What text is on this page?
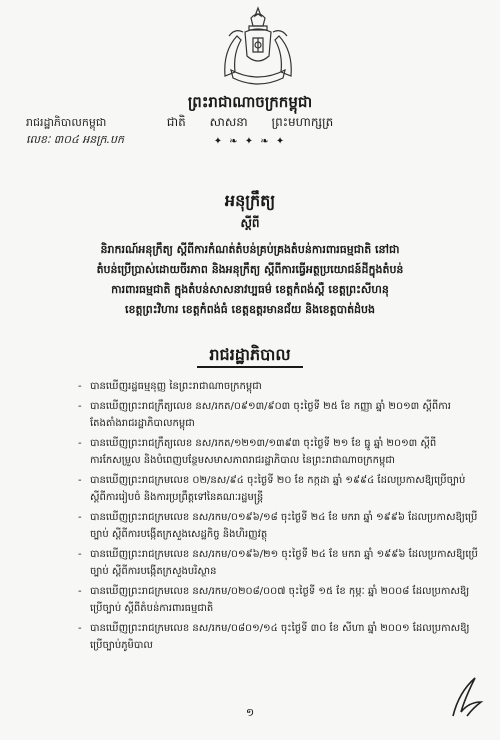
ព្រះរាជាណាចក្រកម្ពុជា
ជាតិ សាសនា ព្រះមហាក្សត្រ
✦ ❧ ✦ ❧ ✦
រាជរដ្ឋាភិបាលកម្ពុជា
លេខៈ ៣០៤ អនក្រ.បក
អនុក្រឹត្យ
ស្តីពី
និរាករណ៍អនុក្រឹត្យ ស្តីពីការកំណត់តំបន់គ្រប់គ្រងតំបន់ការពារធម្មជាតិ នៅជា
តំបន់ប្រើប្រាស់ដោយចីរភាព និងអនុក្រឹត្យ ស្តីពីការធ្វើអត្ថប្រយោជន៍ដីក្នុងតំបន់
ការពារធម្មជាតិ ក្នុងតំបន់សាសនាវប្បធម៌ ខេត្តកំពង់ស្ពឺ ខេត្តព្រះសីហនុ
ខេត្តព្រះវិហារ ខេត្តកំពង់ធំ ខេត្តឧត្តរមានជ័យ និងខេត្តបាត់ដំបង
រាជរដ្ឋាភិបាល
- បានឃើញរដ្ឋធម្មនុញ្ញ នៃព្រះរាជាណាចក្រកម្ពុជា
- បានឃើញព្រះរាជក្រឹត្យលេខ នស/រកត/០៩១៣/៩០៣ ចុះថ្ងៃទី ២៥ ខែ កញ្ញា ឆ្នាំ ២០១៣ ស្តីពីការតែងតាំងរាជរដ្ឋាភិបាលកម្ពុជា
- បានឃើញព្រះរាជក្រឹត្យលេខ នស/រកត/១២១៣/១៣៩៣ ចុះថ្ងៃទី ២១ ខែ ធ្នូ ឆ្នាំ ២០១៣ ស្តីពីការកែសម្រួល និងបំពេញបន្ថែមសមាសភាពរាជរដ្ឋាភិបាល នៃព្រះរាជាណាចក្រកម្ពុជា
- បានឃើញព្រះរាជក្រមលេខ ០២/នស/៩៤ ចុះថ្ងៃទី ២០ ខែ កក្កដា ឆ្នាំ ១៩៩៤ ដែលប្រកាសឱ្យប្រើច្បាប់ ស្តីពីការរៀបចំ និងការប្រព្រឹត្តទៅនៃគណៈរដ្ឋមន្ត្រី
- បានឃើញព្រះរាជក្រមលេខ នស/រកម/០១៩៦/១៨ ចុះថ្ងៃទី ២៤ ខែ មករា ឆ្នាំ ១៩៩៦ ដែលប្រកាសឱ្យប្រើច្បាប់ ស្តីពីការបង្កើតក្រសួងសេដ្ឋកិច្ច និងហិរញ្ញវត្ថុ
- បានឃើញព្រះរាជក្រមលេខ នស/រកម/០១៩៦/២១ ចុះថ្ងៃទី ២៤ ខែ មករា ឆ្នាំ ១៩៩៦ ដែលប្រកាសឱ្យប្រើច្បាប់ ស្តីពីការបង្កើតក្រសួងបរិស្ថាន
- បានឃើញព្រះរាជក្រមលេខ នស/រកម/០២០៨/០០៧ ចុះថ្ងៃទី ១៥ ខែ កុម្ភៈ ឆ្នាំ ២០០៨ ដែលប្រកាសឱ្យប្រើច្បាប់ ស្តីពីតំបន់ការពារធម្មជាតិ
- បានឃើញព្រះរាជក្រមលេខ នស/រកម/០៨០១/១៤ ចុះថ្ងៃទី ៣០ ខែ សីហា ឆ្នាំ ២០០១ ដែលប្រកាសឱ្យប្រើច្បាប់ភូមិបាល
១
